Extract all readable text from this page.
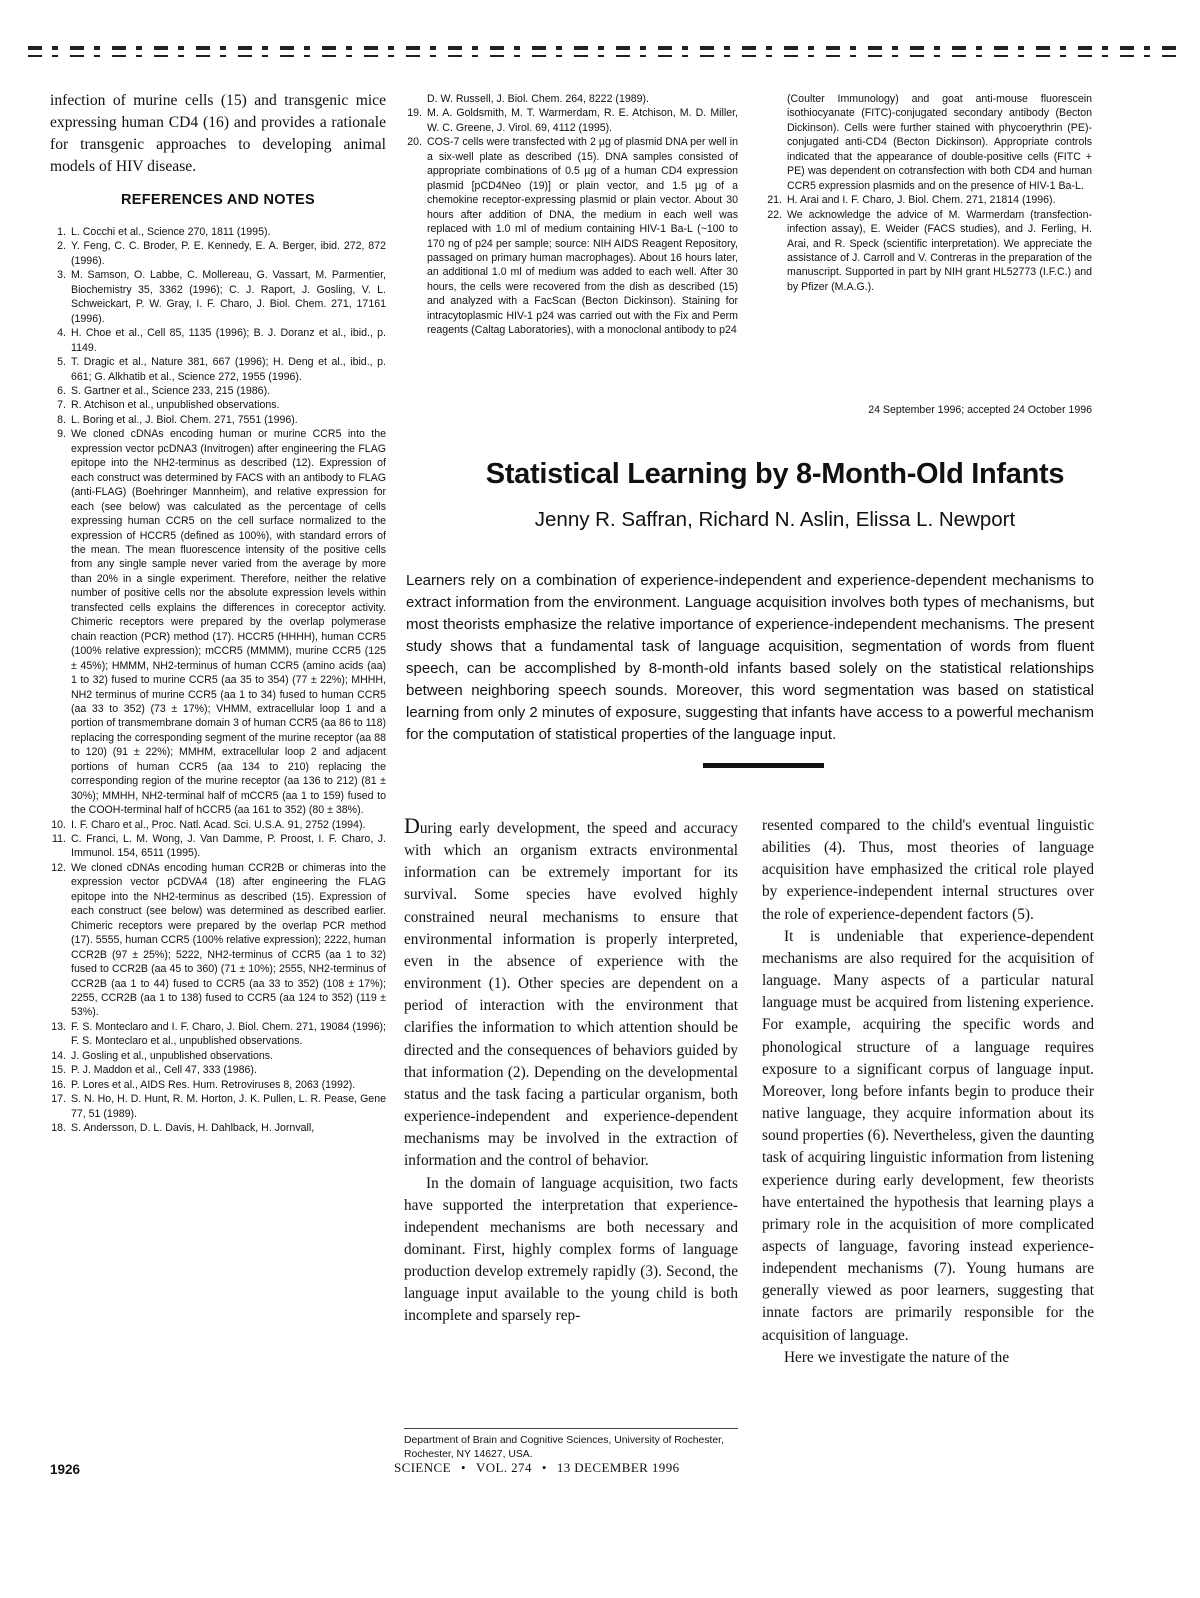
infection of murine cells (15) and transgenic mice expressing human CD4 (16) and provides a rationale for transgenic approaches to developing animal models of HIV disease.
REFERENCES AND NOTES
1. L. Cocchi et al., Science 270, 1811 (1995).
2. Y. Feng, C. C. Broder, P. E. Kennedy, E. A. Berger, ibid. 272, 872 (1996).
3. M. Samson, O. Labbe, C. Mollereau, G. Vassart, M. Parmentier, Biochemistry 35, 3362 (1996); C. J. Raport, J. Gosling, V. L. Schweickart, P. W. Gray, I. F. Charo, J. Biol. Chem. 271, 17161 (1996).
4. H. Choe et al., Cell 85, 1135 (1996); B. J. Doranz et al., ibid., p. 1149.
5. T. Dragic et al., Nature 381, 667 (1996); H. Deng et al., ibid., p. 661; G. Alkhatib et al., Science 272, 1955 (1996).
6. S. Gartner et al., Science 233, 215 (1986).
7. R. Atchison et al., unpublished observations.
8. L. Boring et al., J. Biol. Chem. 271, 7551 (1996).
9. We cloned cDNAs encoding human or murine CCR5 into the expression vector pcDNA3 (Invitrogen) after engineering the FLAG epitope into the NH2-terminus as described (12). Expression of each construct was determined by FACS with an antibody to FLAG (anti-FLAG) (Boehringer Mannheim), and relative expression for each (see below) was calculated as the percentage of cells expressing human CCR5 on the cell surface normalized to the expression of HCCR5 (defined as 100%), with standard errors of the mean. The mean fluorescence intensity of the positive cells from any single sample never varied from the average by more than 20% in a single experiment. Therefore, neither the relative number of positive cells nor the absolute expression levels within transfected cells explains the differences in coreceptor activity. Chimeric receptors were prepared by the overlap polymerase chain reaction (PCR) method (17). HCCR5 (HHHH), human CCR5 (100% relative expression); mCCR5 (MMMM), murine CCR5 (125 ± 45%); HMMM, NH2-terminus of human CCR5 (amino acids (aa) 1 to 32) fused to murine CCR5 (aa 35 to 354) (77 ± 22%); MHHH, NH2 terminus of murine CCR5 (aa 1 to 34) fused to human CCR5 (aa 33 to 352) (73 ± 17%); VHMM, extracellular loop 1 and a portion of transmembrane domain 3 of human CCR5 (aa 86 to 118) replacing the corresponding segment of the murine receptor (aa 88 to 120) (91 ± 22%); MMHM, extracellular loop 2 and adjacent portions of human CCR5 (aa 134 to 210) replacing the corresponding region of the murine receptor (aa 136 to 212) (81 ± 30%); MMHH, NH2-terminal half of mCCR5 (aa 1 to 159) fused to the COOH-terminal half of hCCR5 (aa 161 to 352) (80 ± 38%).
10. I. F. Charo et al., Proc. Natl. Acad. Sci. U.S.A. 91, 2752 (1994).
11. C. Franci, L. M. Wong, J. Van Damme, P. Proost, I. F. Charo, J. Immunol. 154, 6511 (1995).
12. We cloned cDNAs encoding human CCR2B or chimeras into the expression vector pCDVA4 (18) after engineering the FLAG epitope into the NH2-terminus as described (15). Expression of each construct (see below) was determined as described earlier. Chimeric receptors were prepared by the overlap PCR method (17). 5555, human CCR5 (100% relative expression); 2222, human CCR2B (97 ± 25%); 5222, NH2-terminus of CCR5 (aa 1 to 32) fused to CCR2B (aa 45 to 360) (71 ± 10%); 2555, NH2-terminus of CCR2B (aa 1 to 44) fused to CCR5 (aa 33 to 352) (108 ± 17%); 2255, CCR2B (aa 1 to 138) fused to CCR5 (aa 124 to 352) (119 ± 53%).
13. F. S. Monteclaro and I. F. Charo, J. Biol. Chem. 271, 19084 (1996); F. S. Monteclaro et al., unpublished observations.
14. J. Gosling et al., unpublished observations.
15. P. J. Maddon et al., Cell 47, 333 (1986).
16. P. Lores et al., AIDS Res. Hum. Retroviruses 8, 2063 (1992).
17. S. N. Ho, H. D. Hunt, R. M. Horton, J. K. Pullen, L. R. Pease, Gene 77, 51 (1989).
18. S. Andersson, D. L. Davis, H. Dahlback, H. Jornvall,
D. W. Russell, J. Biol. Chem. 264, 8222 (1989).
19. M. A. Goldsmith, M. T. Warmerdam, R. E. Atchison, M. D. Miller, W. C. Greene, J. Virol. 69, 4112 (1995).
20. COS-7 cells were transfected with 2 µg of plasmid DNA per well in a six-well plate as described (15). DNA samples consisted of appropriate combinations of 0.5 µg of a human CD4 expression plasmid [pCD4Neo (19)] or plain vector, and 1.5 µg of a chemokine receptor-expressing plasmid or plain vector. About 30 hours after addition of DNA, the medium in each well was replaced with 1.0 ml of medium containing HIV-1 Ba-L (~100 to 170 ng of p24 per sample; source: NIH AIDS Reagent Repository, passaged on primary human macrophages). About 16 hours later, an additional 1.0 ml of medium was added to each well. After 30 hours, the cells were recovered from the dish as described (15) and analyzed with a FacScan (Becton Dickinson). Staining for intracytoplasmic HIV-1 p24 was carried out with the Fix and Perm reagents (Caltag Laboratories), with a monoclonal antibody to p24
(Coulter Immunology) and goat anti-mouse fluorescein isothiocyanate (FITC)-conjugated secondary antibody (Becton Dickinson). Cells were further stained with phycoerythrin (PE)-conjugated anti-CD4 (Becton Dickinson). Appropriate controls indicated that the appearance of double-positive cells (FITC + PE) was dependent on cotransfection with both CD4 and human CCR5 expression plasmids and on the presence of HIV-1 Ba-L.
21. H. Arai and I. F. Charo, J. Biol. Chem. 271, 21814 (1996).
22. We acknowledge the advice of M. Warmerdam (transfection-infection assay), E. Weider (FACS studies), and J. Ferling, H. Arai, and R. Speck (scientific interpretation). We appreciate the assistance of J. Carroll and V. Contreras in the preparation of the manuscript. Supported in part by NIH grant HL52773 (I.F.C.) and by Pfizer (M.A.G.).
24 September 1996; accepted 24 October 1996
Statistical Learning by 8-Month-Old Infants
Jenny R. Saffran, Richard N. Aslin, Elissa L. Newport
Learners rely on a combination of experience-independent and experience-dependent mechanisms to extract information from the environment. Language acquisition involves both types of mechanisms, but most theorists emphasize the relative importance of experience-independent mechanisms. The present study shows that a fundamental task of language acquisition, segmentation of words from fluent speech, can be accomplished by 8-month-old infants based solely on the statistical relationships between neighboring speech sounds. Moreover, this word segmentation was based on statistical learning from only 2 minutes of exposure, suggesting that infants have access to a powerful mechanism for the computation of statistical properties of the language input.

During early development, the speed and accuracy with which an organism extracts environmental information can be extremely important for its survival. Some species have evolved highly constrained neural mechanisms to ensure that environmental information is properly interpreted, even in the absence of experience with the environment (1). Other species are dependent on a period of interaction with the environment that clarifies the information to which attention should be directed and the consequences of behaviors guided by that information (2). Depending on the developmental status and the task facing a particular organism, both experience-independent and experience-dependent mechanisms may be involved in the extraction of information and the control of behavior.

In the domain of language acquisition, two facts have supported the interpretation that experience-independent mechanisms are both necessary and dominant. First, highly complex forms of language production develop extremely rapidly (3). Second, the language input available to the young child is both incomplete and sparsely rep-

resented compared to the child's eventual linguistic abilities (4). Thus, most theories of language acquisition have emphasized the critical role played by experience-independent internal structures over the role of experience-dependent factors (5).

It is undeniable that experience-dependent mechanisms are also required for the acquisition of language. Many aspects of a particular natural language must be acquired from listening experience. For example, acquiring the specific words and phonological structure of a language requires exposure to a significant corpus of language input. Moreover, long before infants begin to produce their native language, they acquire information about its sound properties (6). Nevertheless, given the daunting task of acquiring linguistic information from listening experience during early development, few theorists have entertained the hypothesis that learning plays a primary role in the acquisition of more complicated aspects of language, favoring instead experience-independent mechanisms (7). Young humans are generally viewed as poor learners, suggesting that innate factors are primarily responsible for the acquisition of language.

Here we investigate the nature of the

Department of Brain and Cognitive Sciences, University of Rochester, Rochester, NY 14627, USA.
1926	SCIENCE • VOL. 274 • 13 DECEMBER 1996
